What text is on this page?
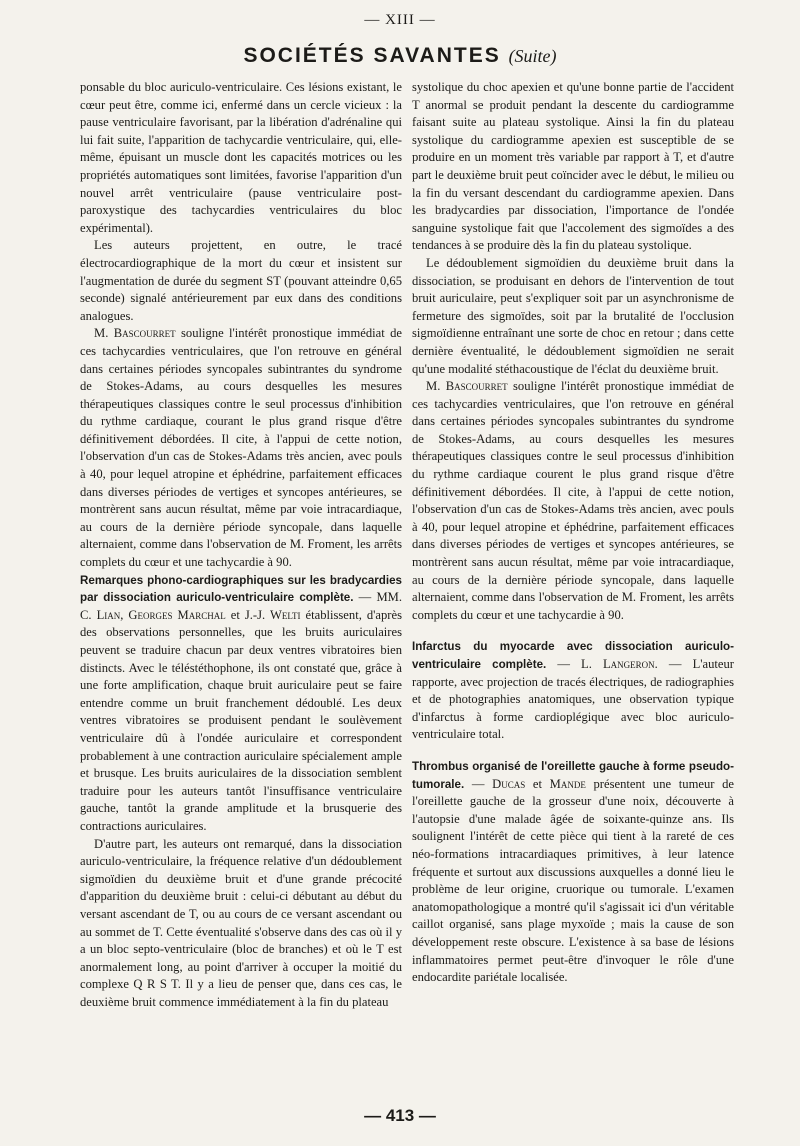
— XIII —
SOCIÉTÉS SAVANTES (Suite)

ponsable du bloc auriculo-ventriculaire. Ces lésions existant, le cœur peut être, comme ici, enfermé dans un cercle vicieux : la pause ventriculaire favorisant, par la libération d'adrénaline qui lui fait suite, l'apparition de tachycardie ventriculaire, qui, elle-même, épuisant un muscle dont les capacités motrices ou les propriétés automatiques sont limitées, favorise l'apparition d'un nouvel arrêt ventriculaire (pause ventriculaire post-paroxystique des tachycardies ventriculaires du bloc expérimental).

Les auteurs projettent, en outre, le tracé électrocardiographique de la mort du cœur et insistent sur l'augmentation de durée du segment ST (pouvant atteindre 0,65 seconde) signalé antérieurement par eux dans des conditions analogues.

M. Bascourret souligne l'intérêt pronostique immédiat de ces tachycardies ventriculaires, que l'on retrouve en général dans certaines périodes syncopales subintrantes du syndrome de Stokes-Adams, au cours desquelles les mesures thérapeutiques classiques contre le seul processus d'inhibition du rythme cardiaque, courant le plus grand risque d'être définitivement débordées. Il cite, à l'appui de cette notion, l'observation d'un cas de Stokes-Adams très ancien, avec pouls à 40, pour lequel atropine et éphédrine, parfaitement efficaces dans diverses périodes de vertiges et syncopes antérieures, se montrèrent sans aucun résultat, même par voie intracardiaque, au cours de la dernière période syncopale, dans laquelle alternaient, comme dans l'observation de M. Froment, les arrêts complets du cœur et une tachycardie à 90.

Remarques phono-cardiographiques sur les bradycardies par dissociation auriculo-ventriculaire complète. — MM. C. Lian, Georges Marchal et J.-J. Welti établissent, d'après des observations personnelles, que les bruits auriculaires peuvent se traduire chacun par deux ventres vibratoires bien distincts. Avec le téléstéthophone, ils ont constaté que, grâce à une forte amplification, chaque bruit auriculaire peut se faire entendre comme un bruit franchement dédoublé. Les deux ventres vibratoires se produisent pendant le soulèvement ventriculaire dû à l'ondée auriculaire et correspondent probablement à une contraction auriculaire spécialement ample et brusque. Les bruits auriculaires de la dissociation semblent traduire pour les auteurs tantôt l'insuffisance ventriculaire gauche, tantôt la grande amplitude et la brusquerie des contractions auriculaires.

D'autre part, les auteurs ont remarqué, dans la dissociation auriculo-ventriculaire, la fréquence relative d'un dédoublement sigmoïdien du deuxième bruit et d'une grande précocité d'apparition du deuxième bruit : celui-ci débutant au début du versant ascendant de T, ou au cours de ce versant ascendant ou au sommet de T. Cette éventualité s'observe dans des cas où il y a un bloc septo-ventriculaire (bloc de branches) et où le T est anormalement long, au point d'arriver à occuper la moitié du complexe Q R S T. Il y a lieu de penser que, dans ces cas, le deuxième bruit commence immédiatement à la fin du plateau

systolique du choc apexien et qu'une bonne partie de l'accident T anormal se produit pendant la descente du cardiogramme faisant suite au plateau systolique. Ainsi la fin du plateau systolique du cardiogramme apexien est susceptible de se produire en un moment très variable par rapport à T, et d'autre part le deuxième bruit peut coïncider avec le début, le milieu ou la fin du versant descendant du cardiogramme apexien. Dans les bradycardies par dissociation, l'importance de l'ondée sanguine systolique fait que l'accolement des sigmoïdes a des tendances à se produire dès la fin du plateau systolique.

Le dédoublement sigmoïdien du deuxième bruit dans la dissociation, se produisant en dehors de l'intervention de tout bruit auriculaire, peut s'expliquer soit par un asynchronisme de fermeture des sigmoïdes, soit par la brutalité de l'occlusion sigmoïdienne entraînant une sorte de choc en retour ; dans cette dernière éventualité, le dédoublement sigmoïdien ne serait qu'une modalité stéthacoustique de l'éclat du deuxième bruit.

M. Bascourret souligne l'intérêt pronostique immédiat de ces tachycardies ventriculaires, que l'on retrouve en général dans certaines périodes syncopales subintrantes du syndrome de Stokes-Adams, au cours desquelles les mesures thérapeutiques classiques contre le seul processus d'inhibition du rythme cardiaque courent le plus grand risque d'être définitivement débordées. Il cite, à l'appui de cette notion, l'observation d'un cas de Stokes-Adams très ancien, avec pouls à 40, pour lequel atropine et éphédrine, parfaitement efficaces dans diverses périodes de vertiges et syncopes antérieures, se montrèrent sans aucun résultat, même par voie intracardiaque, au cours de la dernière période syncopale, dans laquelle alternaient, comme dans l'observation de M. Froment, les arrêts complets du cœur et une tachycardie à 90.

Infarctus du myocarde avec dissociation auriculo-ventriculaire complète. — L. Langeron. — L'auteur rapporte, avec projection de tracés électriques, de radiographies et de photographies anatomiques, une observation typique d'infarctus à forme cardioplégique avec bloc auriculo-ventriculaire total.

Thrombus organisé de l'oreillette gauche à forme pseudo-tumorale. — Ducas et Mande présentent une tumeur de l'oreillette gauche de la grosseur d'une noix, découverte à l'autopsie d'une malade âgée de soixante-quinze ans. Ils soulignent l'intérêt de cette pièce qui tient à la rareté de ces néo-formations intracardiaques primitives, à leur latence fréquente et surtout aux discussions auxquelles a donné lieu le problème de leur origine, cruorique ou tumorale. L'examen anatomopathologique a montré qu'il s'agissait ici d'un véritable caillot organisé, sans plage myxoïde ; mais la cause de son développement reste obscure. L'existence à sa base de lésions inflammatoires permet peut-être d'invoquer le rôle d'une endocardite pariétale localisée.

— 413 —
